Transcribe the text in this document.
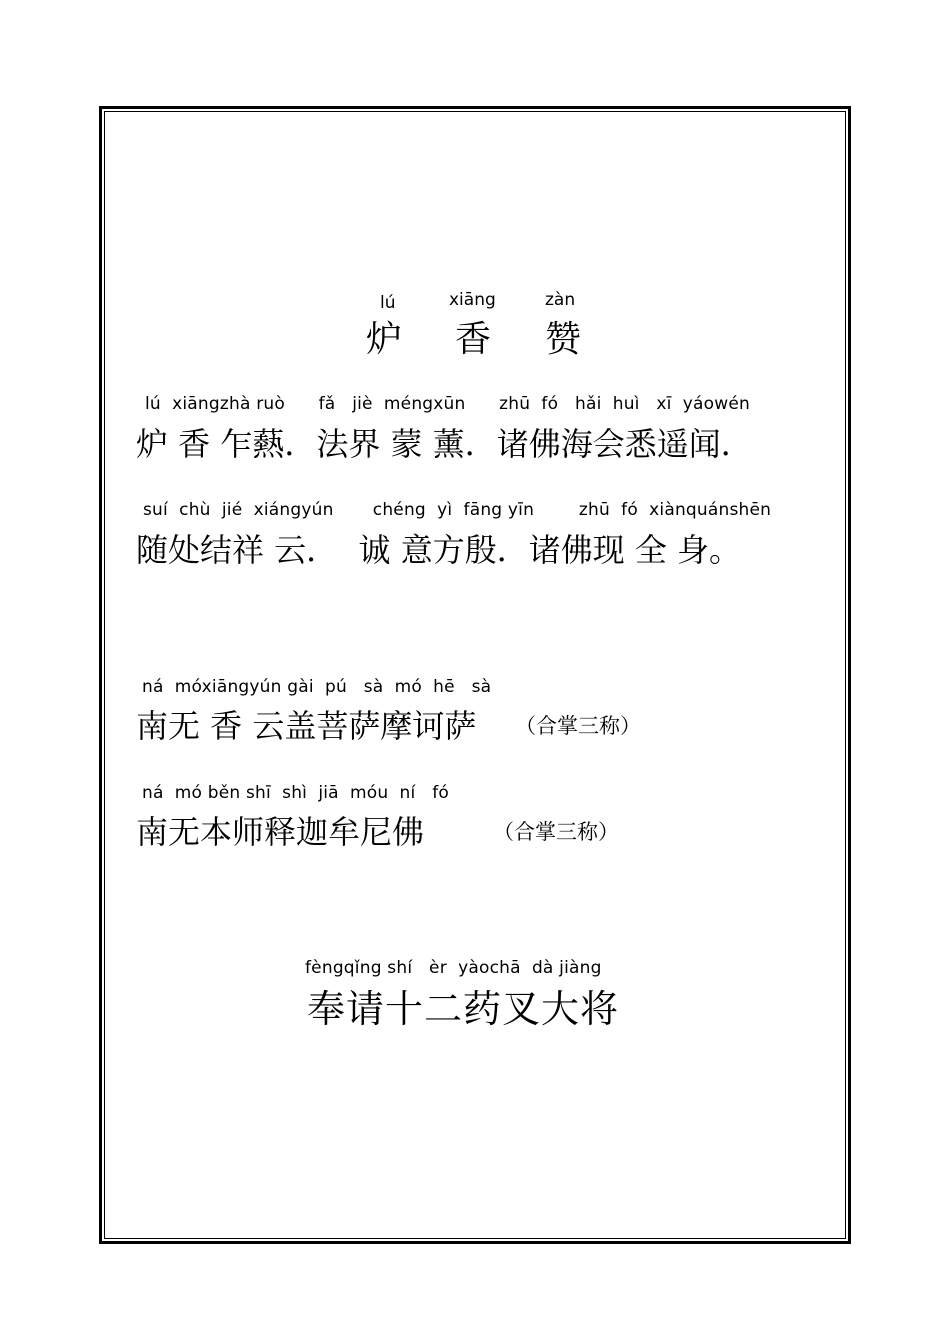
lú	xiāng	zàn
炉 香 赞
lú  xiāngzhà ruò      fǎ   jiè  méngxūn      zhū  fó   hǎi  huì   xī  yáowén
炉 香 乍爇．法界 蒙 薰．诸佛海会悉遥闻．
suí  chù  jié  xiángyún       chéng  yì  fāng yīn        zhū  fó  xiànquánshēn
随处结祥 云．  诚 意方殷．诸佛现 全 身。
ná  móxiāngyún gài  pú   sà  mó  hē   sà
南无 香 云盖菩萨摩诃萨 （合掌三称）
ná  mó běn shī  shì  jiā  móu  ní   fó
南无本师释迦牟尼佛	（合掌三称）
fèngqǐng shí   èr  yàochā  dà jiàng
奉请十二药叉大将
